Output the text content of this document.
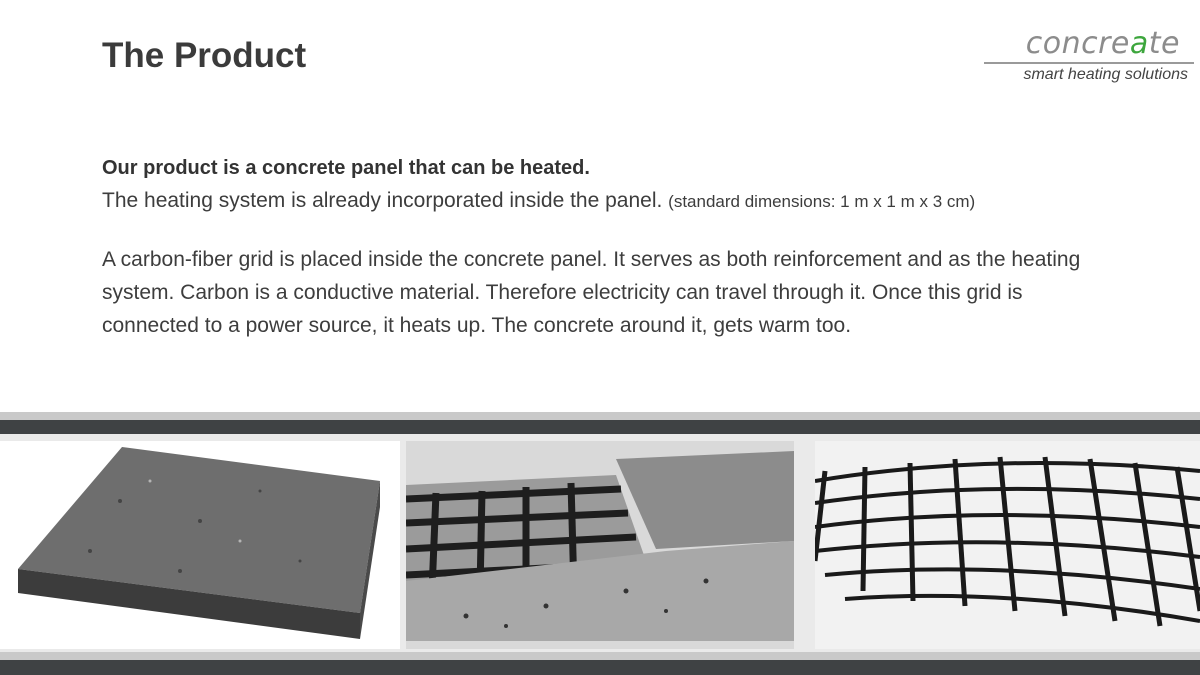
The Product	concreate
smart heating solutions
Our product is a concrete panel that can be heated.
The heating system is already incorporated inside the panel. (standard dimensions: 1 m x 1 m x 3 cm)

A carbon-fiber grid is placed inside the concrete panel. It serves as both reinforcement and as the heating system. Carbon is a conductive material. Therefore electricity can travel through it. Once this grid is connected to a power source, it heats up. The concrete around it, gets warm too.
